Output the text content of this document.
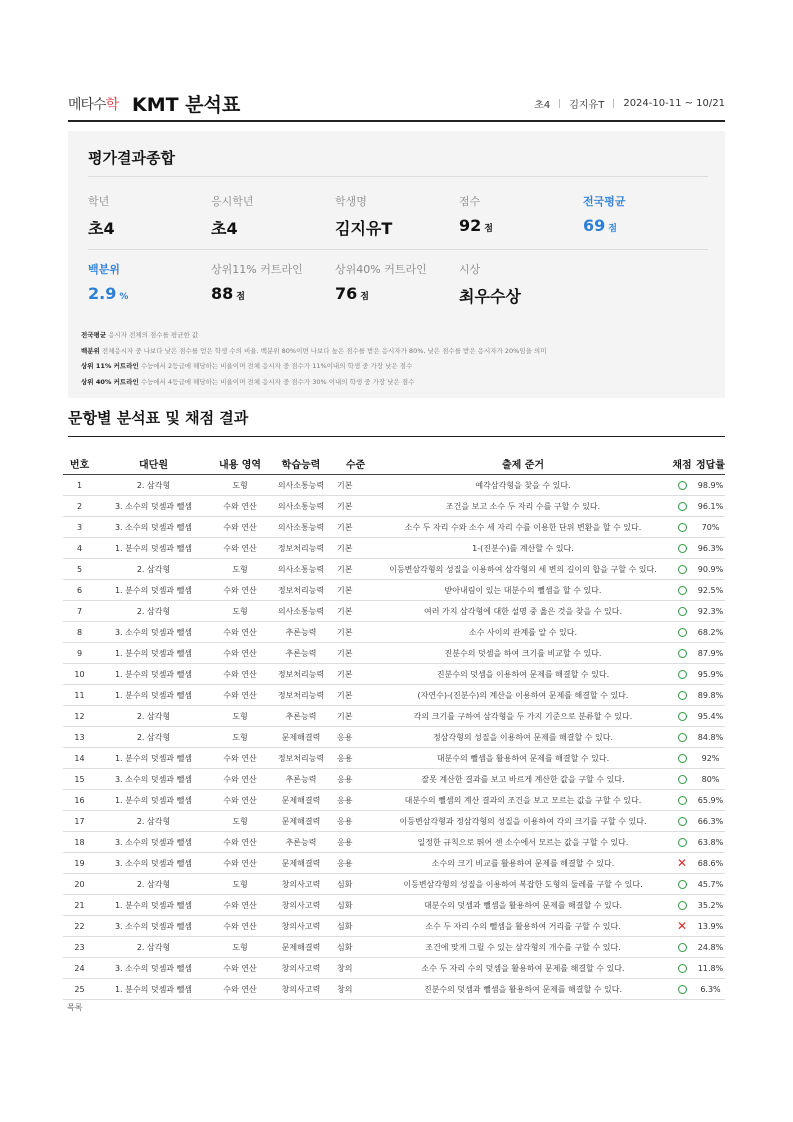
메타수학 KMT 분석표	초4 김지유T 2024-10-11 ~ 10/21
평가결과종합
학년
초4
응시학년
초4
학생명
김지유T
점수
92 점
전국평균
69 점
백분위
2.9 %
상위11% 커트라인
88 점
상위40% 커트라인
76 점
시상
최우수상
전국평균 응시자 전체의 점수를 평균한 값
백분위 전체응시자 중 나보다 낮은 점수를 얻은 학생 수의 비율. 백분위 80%이면 나보다 높은 점수를 받은 응시자가 80%, 낮은 점수를 받은 응시자가 20%임을 의미
상위 11% 커트라인 수능에서 2등급에 해당하는 비율이며 전체 응시자 중 점수가 11%이내의 학생 중 가장 낮은 점수
상위 40% 커트라인 수능에서 4등급에 해당하는 비율이며 전체 응시자 중 점수가 30% 이내의 학생 중 가장 낮은 점수
문항별 분석표 및 채점 결과
번호	대단원	내용 영역	학습능력	수준	출제 준거	채점	정답률
1	2. 삼각형	도형	의사소통능력	기본	예각삼각형을 찾을 수 있다.		98.9%
2	3. 소수의 덧셈과 뺄셈	수와 연산	의사소통능력	기본	조건을 보고 소수 두 자리 수를 구할 수 있다.		96.1%
3	3. 소수의 덧셈과 뺄셈	수와 연산	의사소통능력	기본	소수 두 자리 수와 소수 세 자리 수를 이용한 단위 변환을 할 수 있다.		70%
4	1. 분수의 덧셈과 뺄셈	수와 연산	정보처리능력	기본	1-(진분수)를 계산할 수 있다.		96.3%
5	2. 삼각형	도형	의사소통능력	기본	이등변삼각형의 성질을 이용하여 삼각형의 세 변의 길이의 합을 구할 수 있다.		90.9%
6	1. 분수의 덧셈과 뺄셈	수와 연산	정보처리능력	기본	받아내림이 있는 대분수의 뺄셈을 할 수 있다.		92.5%
7	2. 삼각형	도형	의사소통능력	기본	여러 가지 삼각형에 대한 설명 중 옳은 것을 찾을 수 있다.		92.3%
8	3. 소수의 덧셈과 뺄셈	수와 연산	추론능력	기본	소수 사이의 관계를 알 수 있다.		68.2%
9	1. 분수의 덧셈과 뺄셈	수와 연산	추론능력	기본	진분수의 덧셈을 하여 크기를 비교할 수 있다.		87.9%
10	1. 분수의 덧셈과 뺄셈	수와 연산	정보처리능력	기본	진분수의 덧셈을 이용하여 문제를 해결할 수 있다.		95.9%
11	1. 분수의 덧셈과 뺄셈	수와 연산	정보처리능력	기본	(자연수)-(진분수)의 계산을 이용하여 문제를 해결할 수 있다.		89.8%
12	2. 삼각형	도형	추론능력	기본	각의 크기를 구하여 삼각형을 두 가지 기준으로 분류할 수 있다.		95.4%
13	2. 삼각형	도형	문제해결력	응용	정삼각형의 성질을 이용하여 문제를 해결할 수 있다.		84.8%
14	1. 분수의 덧셈과 뺄셈	수와 연산	정보처리능력	응용	대분수의 뺄셈을 활용하여 문제를 해결할 수 있다.		92%
15	3. 소수의 덧셈과 뺄셈	수와 연산	추론능력	응용	잘못 계산한 결과를 보고 바르게 계산한 값을 구할 수 있다.		80%
16	1. 분수의 덧셈과 뺄셈	수와 연산	문제해결력	응용	대분수의 뺄셈의 계산 결과의 조건을 보고 모르는 값을 구할 수 있다.		65.9%
17	2. 삼각형	도형	문제해결력	응용	이등변삼각형과 정삼각형의 성질을 이용하여 각의 크기를 구할 수 있다.		66.3%
18	3. 소수의 덧셈과 뺄셈	수와 연산	추론능력	응용	일정한 규칙으로 뛰어 센 소수에서 모르는 값을 구할 수 있다.		63.8%
19	3. 소수의 덧셈과 뺄셈	수와 연산	문제해결력	응용	소수의 크기 비교를 활용하여 문제를 해결할 수 있다.	✕	68.6%
20	2. 삼각형	도형	창의사고력	심화	이등변삼각형의 성질을 이용하여 복잡한 도형의 둘레를 구할 수 있다.		45.7%
21	1. 분수의 덧셈과 뺄셈	수와 연산	창의사고력	심화	대분수의 덧셈과 뺄셈을 활용하여 문제를 해결할 수 있다.		35.2%
22	3. 소수의 덧셈과 뺄셈	수와 연산	창의사고력	심화	소수 두 자리 수의 뺄셈을 활용하여 거리를 구할 수 있다.	✕	13.9%
23	2. 삼각형	도형	문제해결력	심화	조건에 맞게 그릴 수 있는 삼각형의 개수를 구할 수 있다.		24.8%
24	3. 소수의 덧셈과 뺄셈	수와 연산	창의사고력	창의	소수 두 자리 수의 덧셈을 활용하여 문제를 해결할 수 있다.		11.8%
25	1. 분수의 덧셈과 뺄셈	수와 연산	창의사고력	창의	진분수의 덧셈과 뺄셈을 활용하여 문제를 해결할 수 있다.		6.3%
목록
